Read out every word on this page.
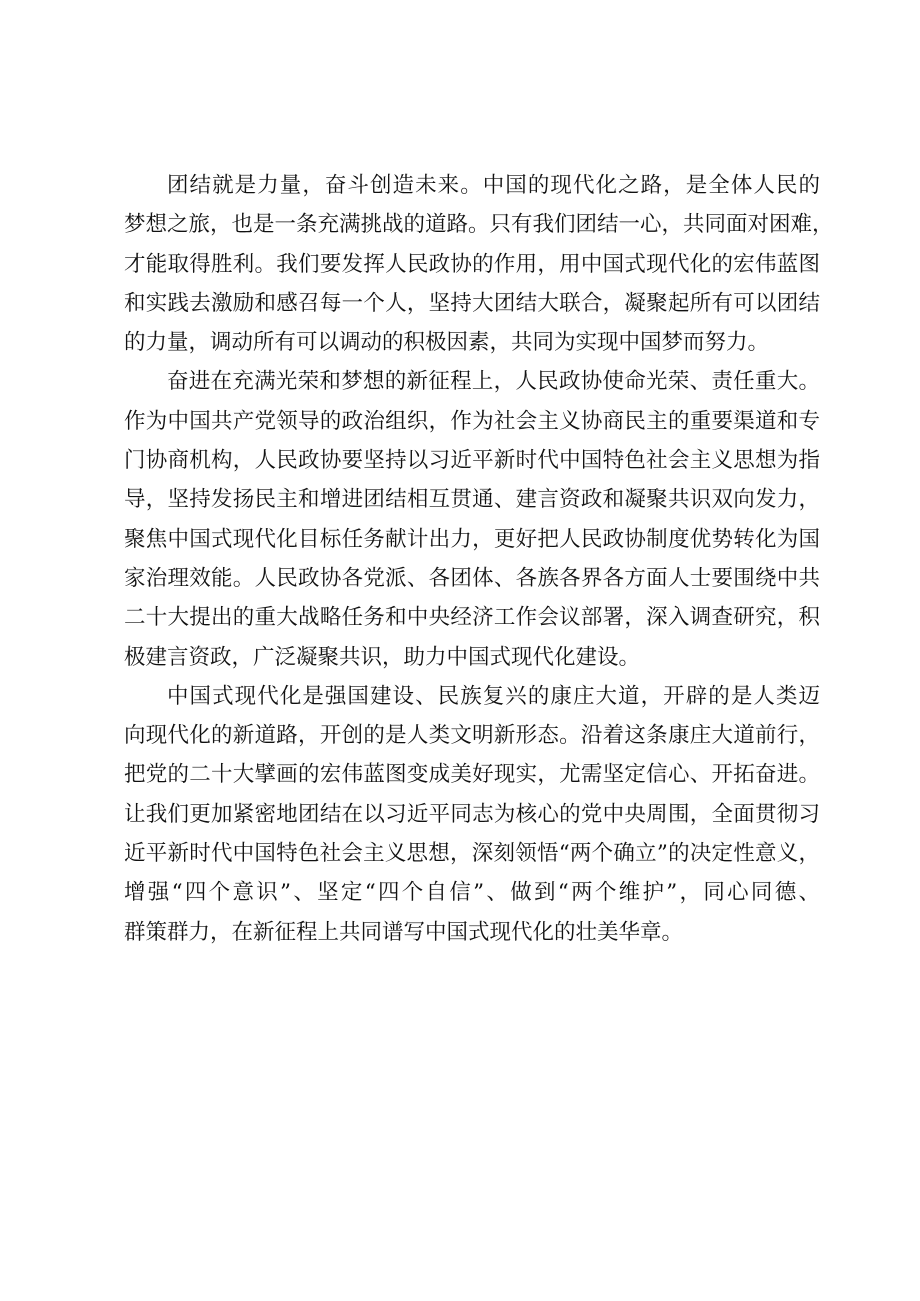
团结就是力量，奋斗创造未来。中国的现代化之路，是全体人民的
梦想之旅，也是一条充满挑战的道路。只有我们团结一心，共同面对困难，
才能取得胜利。我们要发挥人民政协的作用，用中国式现代化的宏伟蓝图
和实践去激励和感召每一个人，坚持大团结大联合，凝聚起所有可以团结
的力量，调动所有可以调动的积极因素，共同为实现中国梦而努力。
奋进在充满光荣和梦想的新征程上，人民政协使命光荣、责任重大。
作为中国共产党领导的政治组织，作为社会主义协商民主的重要渠道和专
门协商机构，人民政协要坚持以习近平新时代中国特色社会主义思想为指
导，坚持发扬民主和增进团结相互贯通、建言资政和凝聚共识双向发力，
聚焦中国式现代化目标任务献计出力，更好把人民政协制度优势转化为国
家治理效能。人民政协各党派、各团体、各族各界各方面人士要围绕中共
二十大提出的重大战略任务和中央经济工作会议部署，深入调查研究，积
极建言资政，广泛凝聚共识，助力中国式现代化建设。
中国式现代化是强国建设、民族复兴的康庄大道，开辟的是人类迈
向现代化的新道路，开创的是人类文明新形态。沿着这条康庄大道前行，
把党的二十大擘画的宏伟蓝图变成美好现实，尤需坚定信心、开拓奋进。
让我们更加紧密地团结在以习近平同志为核心的党中央周围，全面贯彻习
近平新时代中国特色社会主义思想，深刻领悟“两个确立”的决定性意义，
增强“四个意识”、坚定“四个自信”、做到“两个维护”，同心同德、
群策群力，在新征程上共同谱写中国式现代化的壮美华章。
